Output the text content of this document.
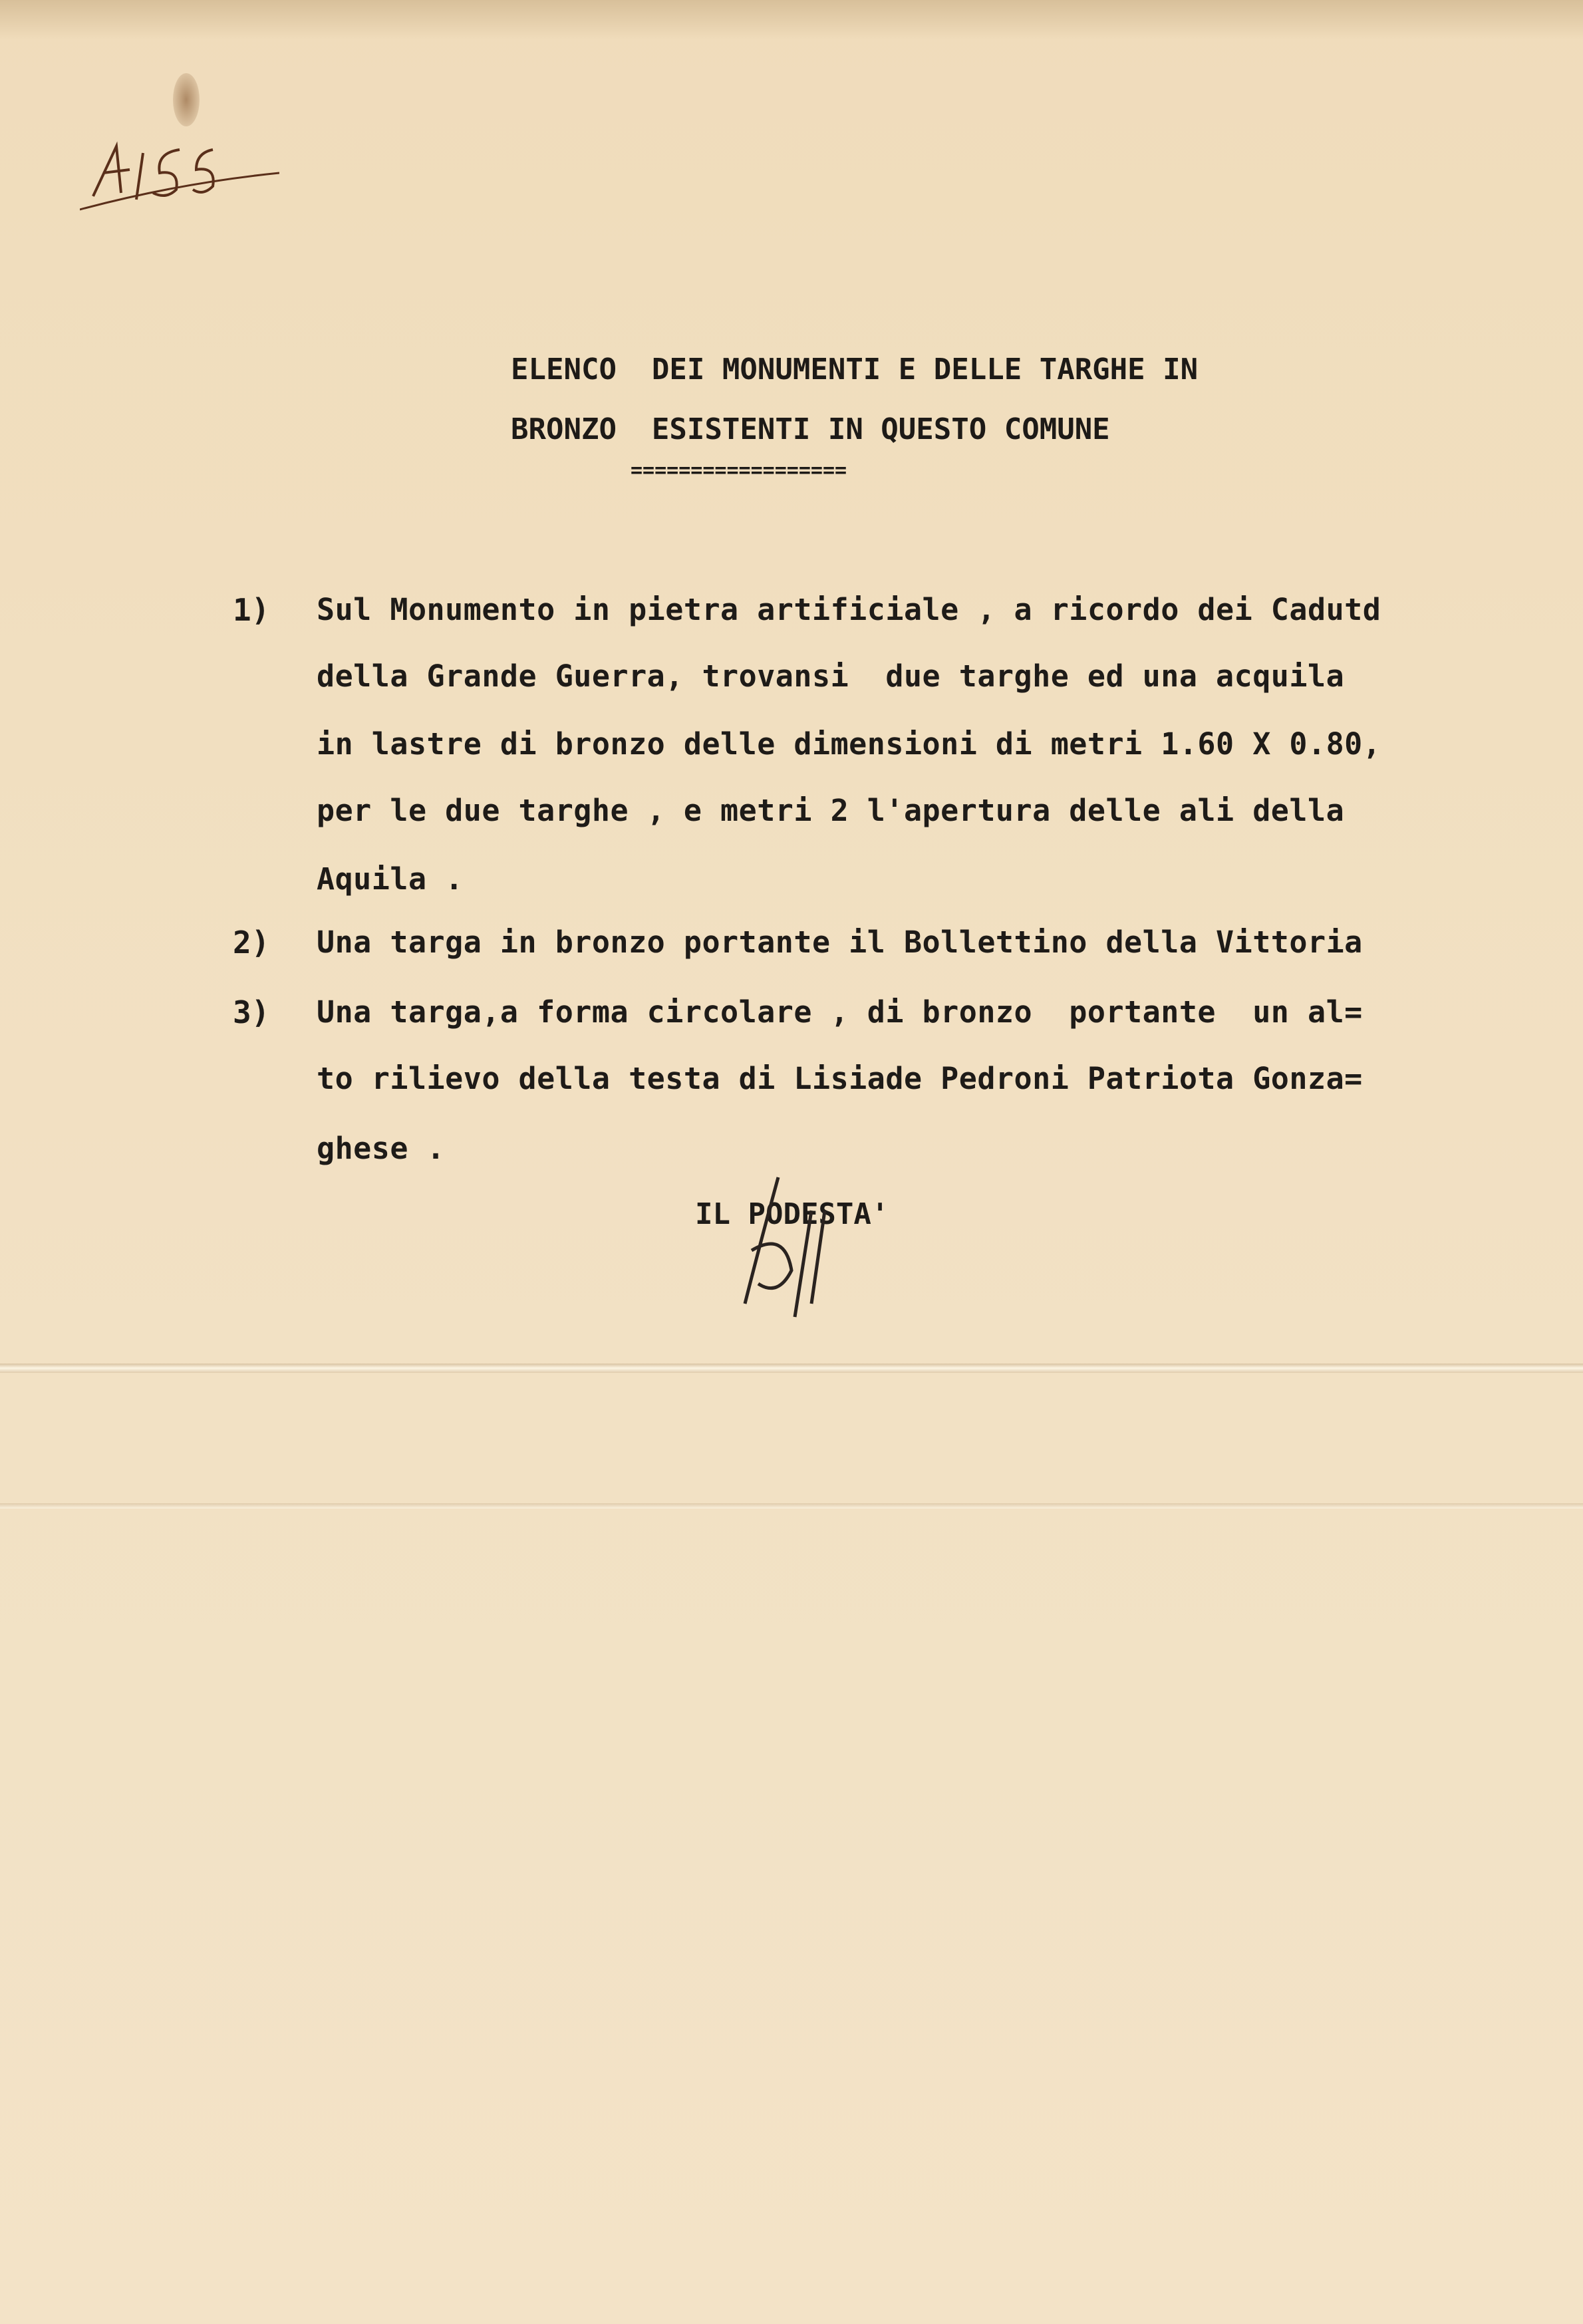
ELENCO  DEI MONUMENTI E DELLE TARGHE IN
BRONZO  ESISTENTI IN QUESTO COMUNE
==================
1) Sul Monumento in pietra artificiale , a ricordo dei Cadutd
della Grande Guerra, trovansi  due targhe ed una acquila
in lastre di bronzo delle dimensioni di metri 1.60 X 0.80,
per le due targhe , e metri 2 l'apertura delle ali della
Aquila .
2) Una targa in bronzo portante il Bollettino della Vittoria
3) Una targa,a forma circolare , di bronzo  portante  un al=
to rilievo della testa di Lisiade Pedroni Patriota Gonza=
ghese .
IL PODESTA'
